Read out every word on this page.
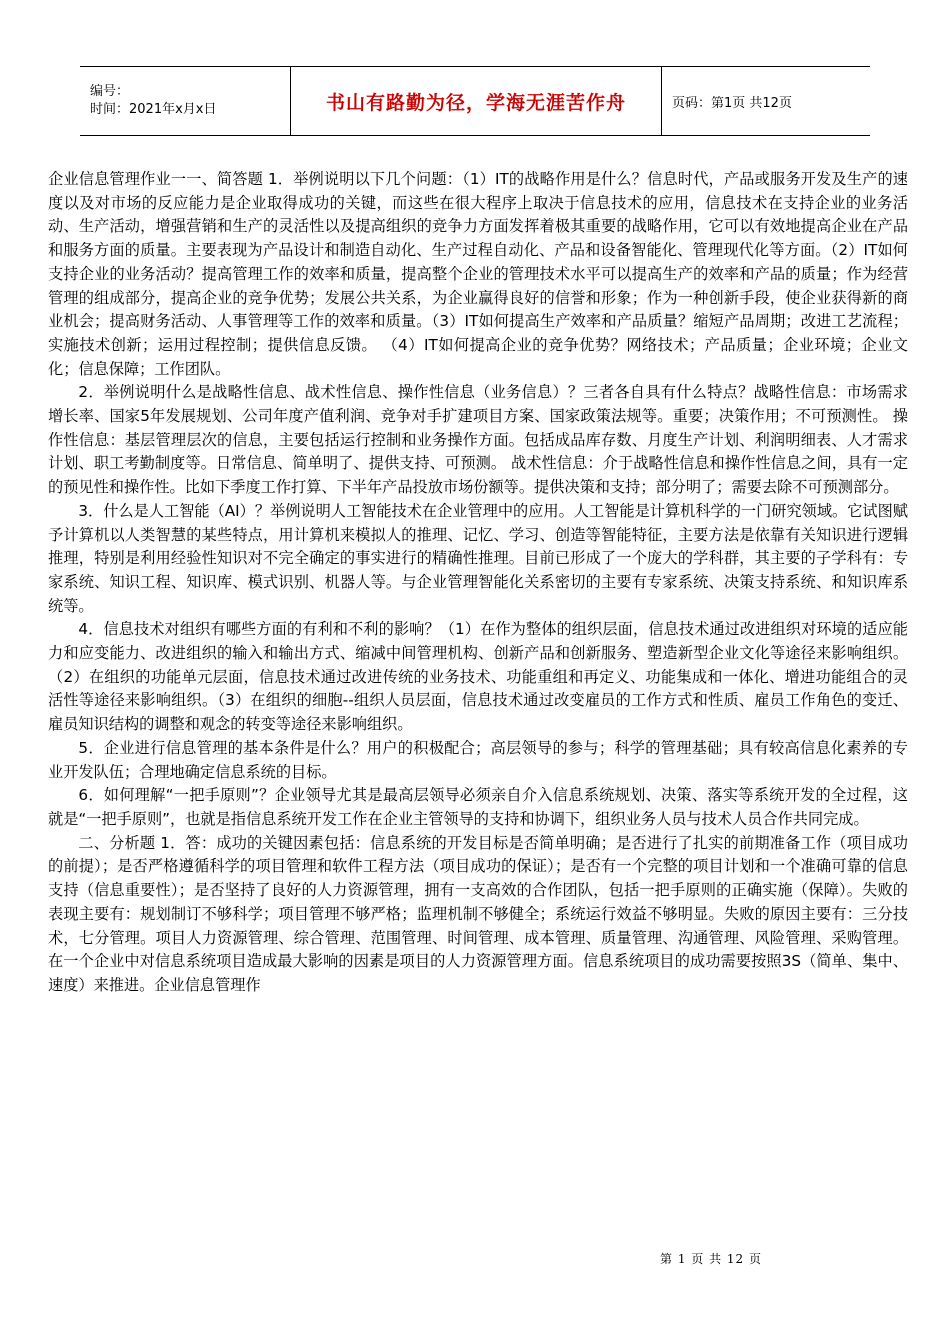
编号：
时间：2021年x月x日	书山有路勤为径，学海无涯苦作舟	页码：第1页 共12页

企业信息管理作业一一、简答题 1．举例说明以下几个问题：（1）IT的战略作用是什么？信息时代，产品或服务开发及生产的速度以及对市场的反应能力是企业取得成功的关键，而这些在很大程序上取决于信息技术的应用，信息技术在支持企业的业务活动、生产活动，增强营销和生产的灵活性以及提高组织的竞争力方面发挥着极其重要的战略作用，它可以有效地提高企业在产品和服务方面的质量。主要表现为产品设计和制造自动化、生产过程自动化、产品和设备智能化、管理现代化等方面。（2）IT如何支持企业的业务活动？提高管理工作的效率和质量，提高整个企业的管理技术水平可以提高生产的效率和产品的质量；作为经营管理的组成部分，提高企业的竞争优势；发展公共关系，为企业赢得良好的信誉和形象；作为一种创新手段，使企业获得新的商业机会；提高财务活动、人事管理等工作的效率和质量。（3）IT如何提高生产效率和产品质量？缩短产品周期；改进工艺流程；实施技术创新；运用过程控制；提供信息反馈。 （4）IT如何提高企业的竞争优势？网络技术；产品质量；企业环境；企业文化；信息保障；工作团队。

2．举例说明什么是战略性信息、战术性信息、操作性信息（业务信息）？三者各自具有什么特点？战略性信息：市场需求增长率、国家5年发展规划、公司年度产值利润、竞争对手扩建项目方案、国家政策法规等。重要；决策作用；不可预测性。 操作性信息：基层管理层次的信息，主要包括运行控制和业务操作方面。包括成品库存数、月度生产计划、利润明细表、人才需求计划、职工考勤制度等。日常信息、简单明了、提供支持、可预测。 战术性信息：介于战略性信息和操作性信息之间，具有一定的预见性和操作性。比如下季度工作打算、下半年产品投放市场份额等。提供决策和支持；部分明了；需要去除不可预测部分。

3．什么是人工智能（AI）？举例说明人工智能技术在企业管理中的应用。人工智能是计算机科学的一门研究领域。它试图赋予计算机以人类智慧的某些特点，用计算机来模拟人的推理、记忆、学习、创造等智能特征，主要方法是依靠有关知识进行逻辑推理，特别是利用经验性知识对不完全确定的事实进行的精确性推理。目前已形成了一个庞大的学科群，其主要的子学科有：专家系统、知识工程、知识库、模式识别、机器人等。与企业管理智能化关系密切的主要有专家系统、决策支持系统、和知识库系统等。

4．信息技术对组织有哪些方面的有利和不利的影响？（1）在作为整体的组织层面，信息技术通过改进组织对环境的适应能力和应变能力、改进组织的输入和输出方式、缩减中间管理机构、创新产品和创新服务、塑造新型企业文化等途径来影响组织。（2）在组织的功能单元层面，信息技术通过改进传统的业务技术、功能重组和再定义、功能集成和一体化、增进功能组合的灵活性等途径来影响组织。（3）在组织的细胞--组织人员层面，信息技术通过改变雇员的工作方式和性质、雇员工作角色的变迁、雇员知识结构的调整和观念的转变等途径来影响组织。

5．企业进行信息管理的基本条件是什么？用户的积极配合；高层领导的参与；科学的管理基础；具有较高信息化素养的专业开发队伍；合理地确定信息系统的目标。

6．如何理解“一把手原则”？企业领导尤其是最高层领导必须亲自介入信息系统规划、决策、落实等系统开发的全过程，这就是“一把手原则”，也就是指信息系统开发工作在企业主管领导的支持和协调下，组织业务人员与技术人员合作共同完成。

二、分析题 1．答：成功的关键因素包括：信息系统的开发目标是否简单明确；是否进行了扎实的前期准备工作（项目成功的前提）；是否严格遵循科学的项目管理和软件工程方法（项目成功的保证）；是否有一个完整的项目计划和一个准确可靠的信息支持（信息重要性）；是否坚持了良好的人力资源管理，拥有一支高效的合作团队，包括一把手原则的正确实施（保障）。失败的表现主要有：规划制订不够科学；项目管理不够严格；监理机制不够健全；系统运行效益不够明显。失败的原因主要有：三分技术，七分管理。项目人力资源管理、综合管理、范围管理、时间管理、成本管理、质量管理、沟通管理、风险管理、采购管理。在一个企业中对信息系统项目造成最大影响的因素是项目的人力资源管理方面。信息系统项目的成功需要按照3S（简单、集中、速度）来推进。企业信息管理作

第 1 页 共 12 页
